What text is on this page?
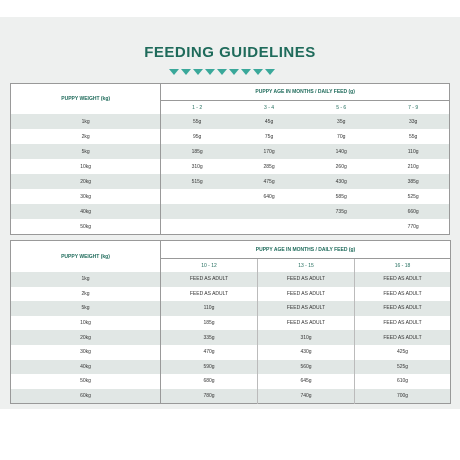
FEEDING GUIDELINES
PUPPY WEIGHT (kg)	PUPPY AGE IN MONTHS / DAILY FEED (g)			
	1 - 2	3 - 4	5 - 6	7 - 9
1kg	55g	45g	35g	33g
2kg	95g	75g	70g	55g
5kg	185g	170g	140g	110g
10kg	310g	285g	260g	210g
20kg	515g	475g	430g	385g
30kg		640g	585g	525g
40kg			735g	660g
50kg				770g
PUPPY WEIGHT (kg)	PUPPY AGE IN MONTHS / DAILY FEED (g)		
	10 - 12	13 - 15	16 - 18
1kg	FEED AS ADULT	FEED AS ADULT	FEED AS ADULT
2kg	FEED AS ADULT	FEED AS ADULT	FEED AS ADULT
5kg	110g	FEED AS ADULT	FEED AS ADULT
10kg	185g	FEED AS ADULT	FEED AS ADULT
20kg	335g	310g	FEED AS ADULT
30kg	470g	430g	425g
40kg	590g	560g	525g
50kg	680g	645g	610g
60kg	780g	740g	700g
